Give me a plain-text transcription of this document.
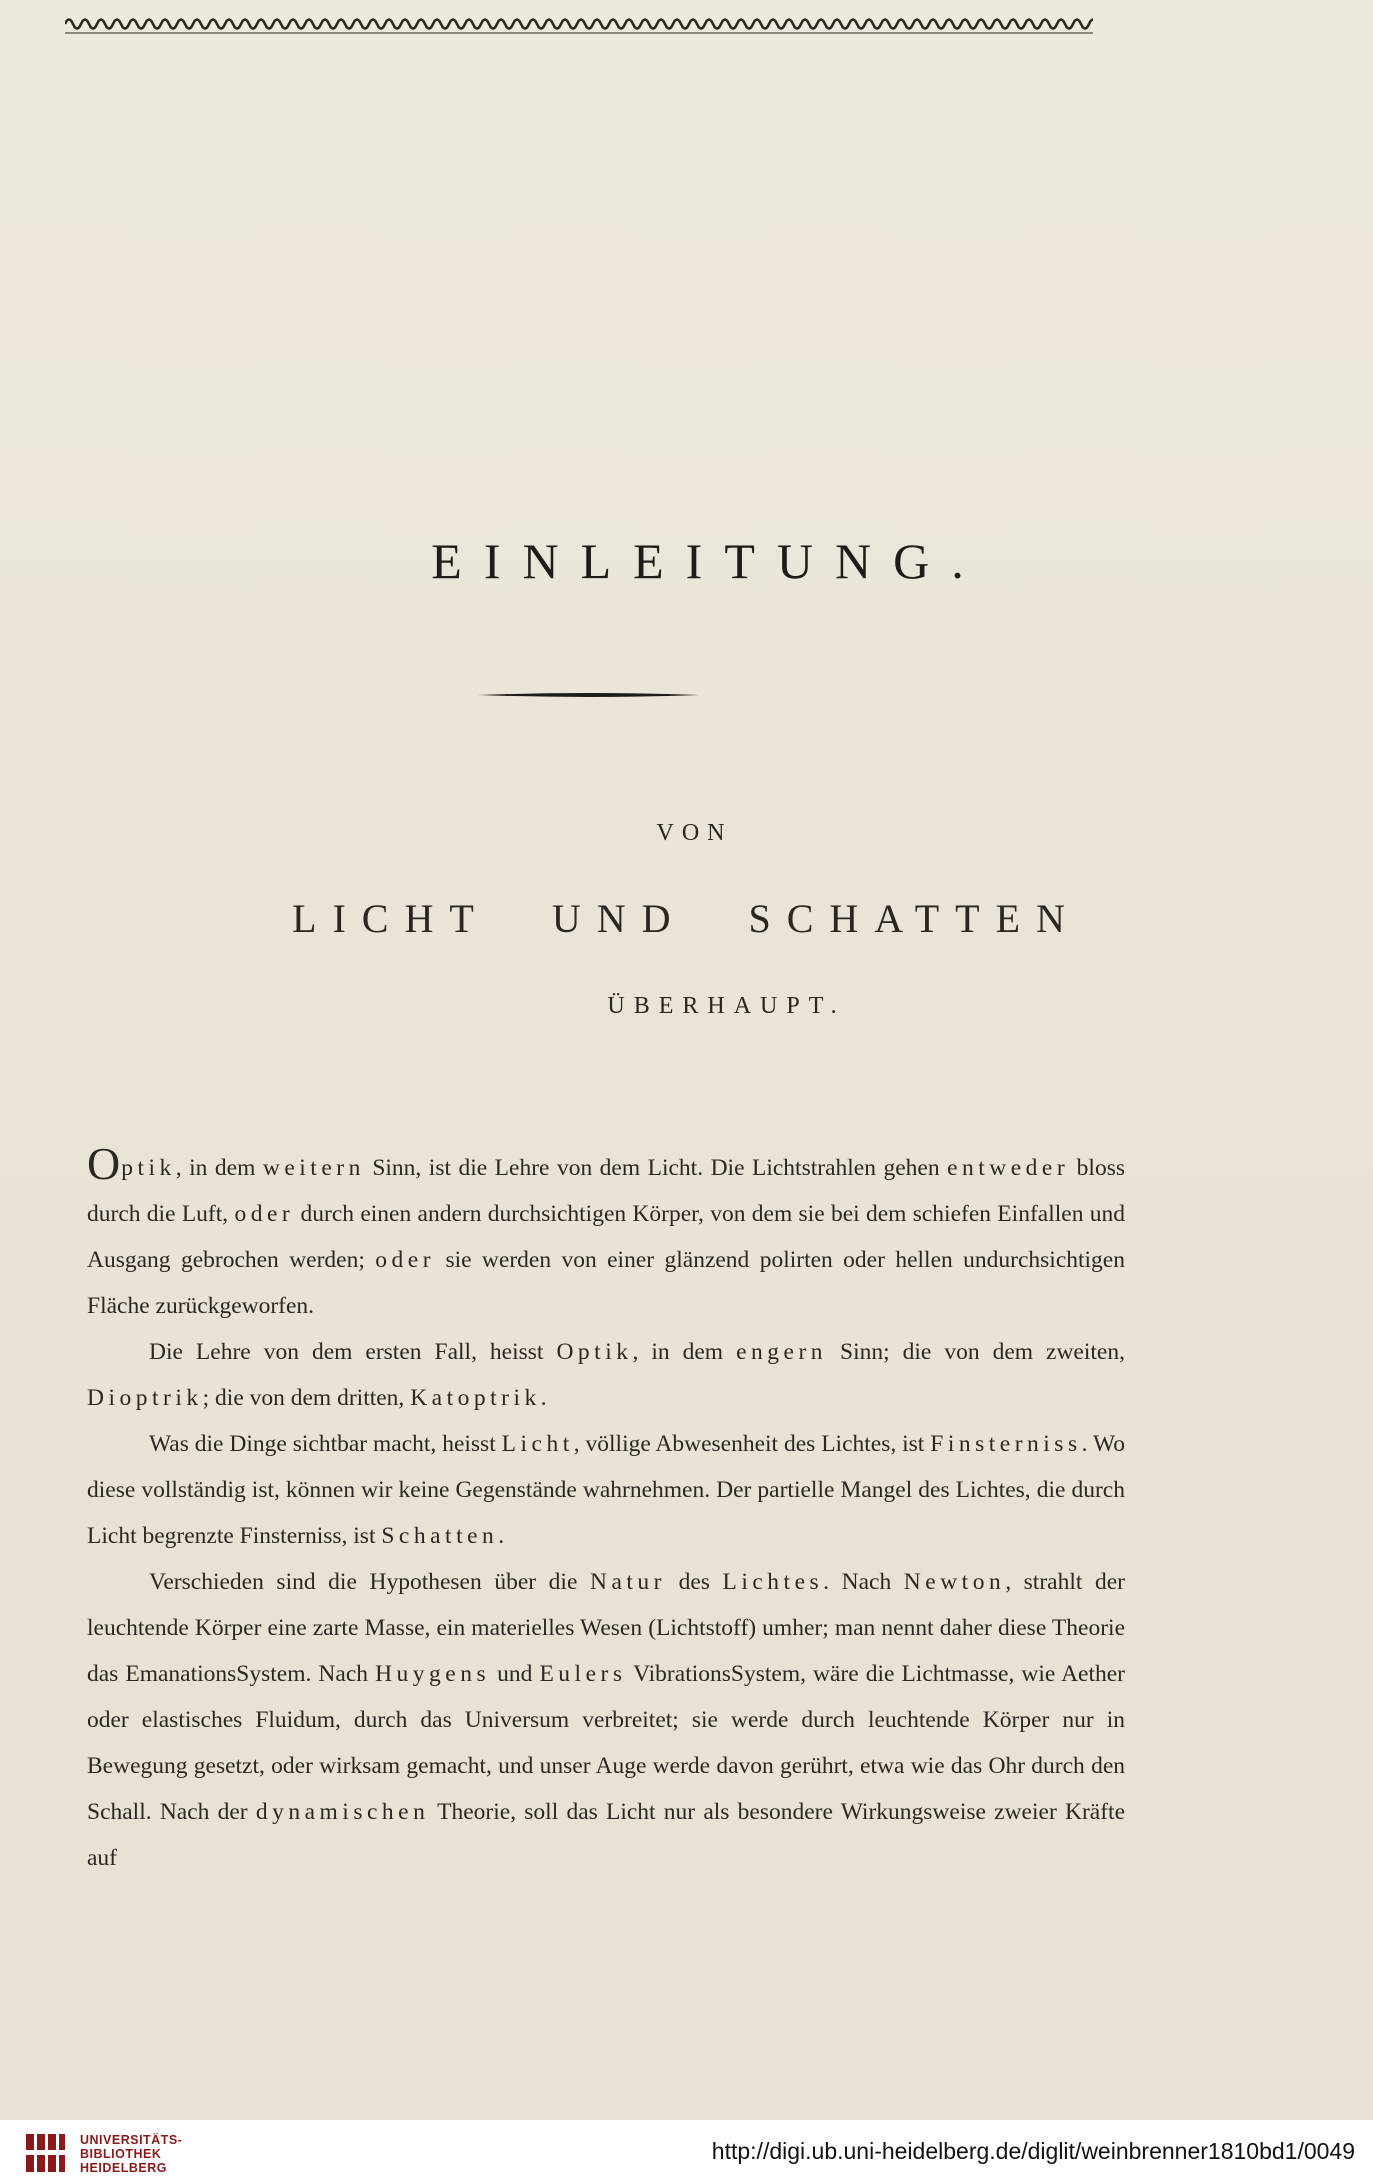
EINLEITUNG.
VON
LICHT UND SCHATTEN
ÜBERHAUPT.

Optik, in dem weitern Sinn, ist die Lehre von dem Licht. Die Lichtstrahlen gehen entweder bloss durch die Luft, oder durch einen andern durchsichtigen Körper, von dem sie bei dem schiefen Einfallen und Ausgang gebrochen werden; oder sie werden von einer glänzend polirten oder hellen undurchsichtigen Fläche zurückgeworfen.

Die Lehre von dem ersten Fall, heisst Optik, in dem engern Sinn; die von dem zweiten, Dioptrik; die von dem dritten, Katoptrik.

Was die Dinge sichtbar macht, heisst Licht, völlige Abwesenheit des Lichtes, ist Finsterniss. Wo diese vollständig ist, können wir keine Gegenstände wahrnehmen. Der partielle Mangel des Lichtes, die durch Licht begrenzte Finsterniss, ist Schatten.

Verschieden sind die Hypothesen über die Natur des Lichtes. Nach Newton, strahlt der leuchtende Körper eine zarte Masse, ein materielles Wesen (Lichtstoff) umher; man nennt daher diese Theorie das EmanationsSystem. Nach Huygens und Eulers VibrationsSystem, wäre die Lichtmasse, wie Aether oder elastisches Fluidum, durch das Universum verbreitet; sie werde durch leuchtende Körper nur in Bewegung gesetzt, oder wirksam gemacht, und unser Auge werde davon gerührt, etwa wie das Ohr durch den Schall. Nach der dynamischen Theorie, soll das Licht nur als besondere Wirkungsweise zweier Kräfte auf

UNIVERSITÄTS-
BIBLIOTHEK
HEIDELBERG
http://digi.ub.uni-heidelberg.de/diglit/weinbrenner1810bd1/0049
